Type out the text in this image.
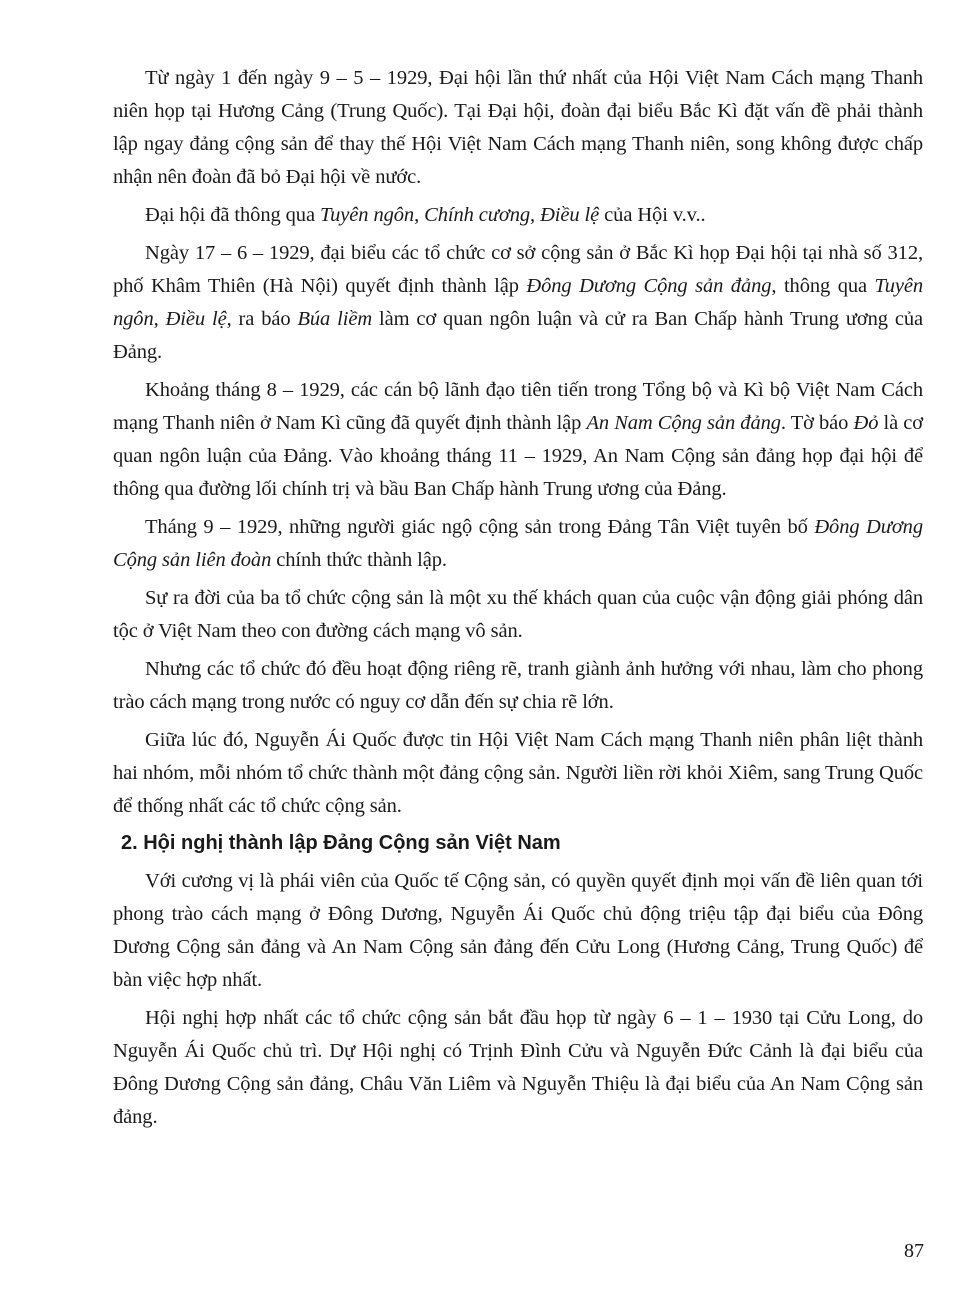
Từ ngày 1 đến ngày 9 – 5 – 1929, Đại hội lần thứ nhất của Hội Việt Nam Cách mạng Thanh niên họp tại Hương Cảng (Trung Quốc). Tại Đại hội, đoàn đại biểu Bắc Kì đặt vấn đề phải thành lập ngay đảng cộng sản để thay thế Hội Việt Nam Cách mạng Thanh niên, song không được chấp nhận nên đoàn đã bỏ Đại hội về nước.

Đại hội đã thông qua Tuyên ngôn, Chính cương, Điều lệ của Hội v.v..

Ngày 17 – 6 – 1929, đại biểu các tổ chức cơ sở cộng sản ở Bắc Kì họp Đại hội tại nhà số 312, phố Khâm Thiên (Hà Nội) quyết định thành lập Đông Dương Cộng sản đảng, thông qua Tuyên ngôn, Điều lệ, ra báo Búa liềm làm cơ quan ngôn luận và cử ra Ban Chấp hành Trung ương của Đảng.

Khoảng tháng 8 – 1929, các cán bộ lãnh đạo tiên tiến trong Tổng bộ và Kì bộ Việt Nam Cách mạng Thanh niên ở Nam Kì cũng đã quyết định thành lập An Nam Cộng sản đảng. Tờ báo Đỏ là cơ quan ngôn luận của Đảng. Vào khoảng tháng 11 – 1929, An Nam Cộng sản đảng họp đại hội để thông qua đường lối chính trị và bầu Ban Chấp hành Trung ương của Đảng.

Tháng 9 – 1929, những người giác ngộ cộng sản trong Đảng Tân Việt tuyên bố Đông Dương Cộng sản liên đoàn chính thức thành lập.

Sự ra đời của ba tổ chức cộng sản là một xu thế khách quan của cuộc vận động giải phóng dân tộc ở Việt Nam theo con đường cách mạng vô sản.

Nhưng các tổ chức đó đều hoạt động riêng rẽ, tranh giành ảnh hưởng với nhau, làm cho phong trào cách mạng trong nước có nguy cơ dẫn đến sự chia rẽ lớn.

Giữa lúc đó, Nguyễn Ái Quốc được tin Hội Việt Nam Cách mạng Thanh niên phân liệt thành hai nhóm, mỗi nhóm tổ chức thành một đảng cộng sản. Người liền rời khỏi Xiêm, sang Trung Quốc để thống nhất các tổ chức cộng sản.

2. Hội nghị thành lập Đảng Cộng sản Việt Nam

Với cương vị là phái viên của Quốc tế Cộng sản, có quyền quyết định mọi vấn đề liên quan tới phong trào cách mạng ở Đông Dương, Nguyễn Ái Quốc chủ động triệu tập đại biểu của Đông Dương Cộng sản đảng và An Nam Cộng sản đảng đến Cửu Long (Hương Cảng, Trung Quốc) để bàn việc hợp nhất.

Hội nghị hợp nhất các tổ chức cộng sản bắt đầu họp từ ngày 6 – 1 – 1930 tại Cửu Long, do Nguyễn Ái Quốc chủ trì. Dự Hội nghị có Trịnh Đình Cửu và Nguyễn Đức Cảnh là đại biểu của Đông Dương Cộng sản đảng, Châu Văn Liêm và Nguyễn Thiệu là đại biểu của An Nam Cộng sản đảng.

87
